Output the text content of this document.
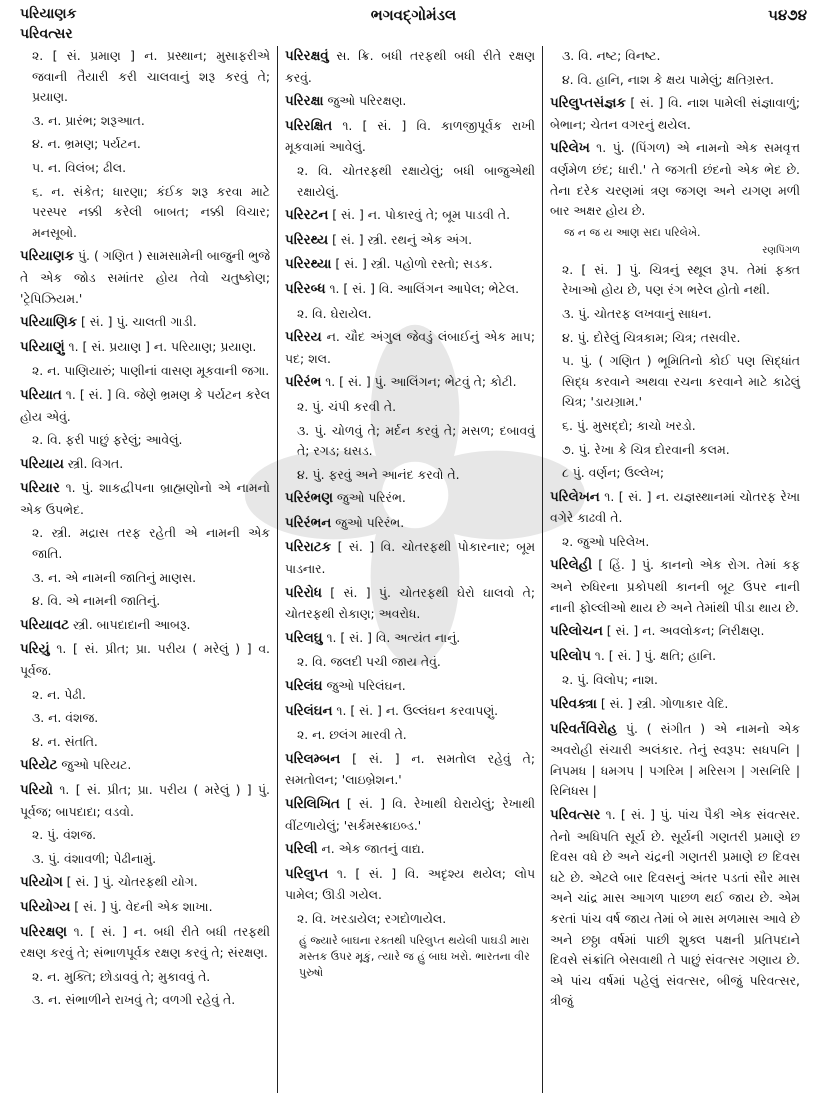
પરિયાણક
પરિવત્સર
ભગવદ્ગોમંડલ	૫૪૭૪
૨. [ સં. પ્રમાણ ] ન. પ્રસ્થાન; મુસાફરીએ જવાની તૈયારી કરી ચાલવાનું શરૂ કરવું તે; પ્રયાણ.
૩. ન. પ્રારંભ; શરૂઆત.
૪. ન. ભ્રમણ; પર્યટન.
૫. ન. વિલંબ; ઢીલ.
૬. ન. સંકેત; ધારણા; કંઈક શરૂ કરવા માટે પરસ્પર નક્કી કરેલી બાબત; નક્કી વિચાર; મનસૂબો.
પરિયાણક પું. ( ગણિત ) સામસામેની બાજુની ભુજે તે એક જોડ સમાંતર હોય તેવો ચતુષ્કોણ; 'ટ્રેપિઝિયમ.'
પરિયાણિક [ સં. ] પું. ચાલતી ગાડી.
પરિયાણું ૧. [ સં. પ્રયાણ ] ન. પરિયાણ; પ્રયાણ.
૨. ન. પાણિયારું; પાણીનાં વાસણ મૂકવાની જગા.
પરિયાત ૧. [ સં. ] વિ. જેણે ભ્રમણ કે પર્યટન કરેલ હોય એવું.
૨. વિ. ફરી પાછું ફરેલું; આવેલું.
પરિયાય સ્ત્રી. વિગત.
પરિયાર ૧. પું. શાકદ્વીપના બ્રાહ્મણોનો એ નામનો એક ઉપભેદ.
૨. સ્ત્રી. મદ્રાસ તરફ રહેતી એ નામની એક જાતિ.
૩. ન. એ નામની જાતિનું માણસ.
૪. વિ. એ નામની જાતિનું.
પરિયાવટ સ્ત્રી. બાપદાદાની આબરૂ.
પરિયું ૧. [ સં. પ્રીત; પ્રા. પરીય ( મરેલું ) ] વ. પૂર્વજ.
૨. ન. પેઢી.
૩. ન. વંશજ.
૪. ન. સંતતિ.
પરિયેટ જુઓ પરિયટ.
પરિયો ૧. [ સં. પ્રીત; પ્રા. પરીય ( મરેલું ) ] પું. પૂર્વજ; બાપદાદા; વડવો.
૨. પું. વંશજ.
૩. પું. વંશાવળી; પેઢીનામું.
પરિયોગ [ સં. ] પું. ચોતરફથી યોગ.
પરિયોગ્ય [ સં. ] પું. વેદની એક શાખા.
પરિરક્ષણ ૧. [ સં. ] ન. બધી રીતે બધી તરફથી રક્ષણ કરવું તે; સંભાળપૂર્વક રક્ષણ કરવું તે; સંરક્ષણ.
૨. ન. મુક્તિ; છોડાવવું તે; મુકાવવું તે.
૩. ન. સંભાળીને રાખવું તે; વળગી રહેવું તે.
પરિરક્ષવું સ. ક્રિ. બધી તરફથી બધી રીતે રક્ષણ કરવું.
પરિરક્ષા જુઓ પરિરક્ષણ.
પરિરક્ષિત ૧. [ સં. ] વિ. કાળજીપૂર્વક રાખી મૂકવામાં આવેલું.
૨. વિ. ચોતરફથી રક્ષાયેલું; બધી બાજુએથી રક્ષાયેલું.
પરિરટન [ સં. ] ન. પોકારવું તે; બૂમ પાડવી તે.
પરિરથ્ય [ સં. ] સ્ત્રી. રથનું એક અંગ.
પરિરથ્યા [ સં. ] સ્ત્રી. પહોળો રસ્તો; સડક.
પરિરબ્ધ ૧. [ સં. ] વિ. આલિંગન આપેલ; ભેટેલ.
૨. વિ. ઘેરાયેલ.
પરિરય ન. ચૌદ અંગુલ જેવડું લંબાઈનું એક માપ; પદ; શલ.
પરિરંભ ૧. [ સં. ] પું. આલિંગન; ભેટવું તે; કોટી.
૨. પું. ચંપી કરવી તે.
૩. પું. ચોળવું તે; મર્દન કરવું તે; મસળ; દબાવવું તે; રગડ; ઘસડ.
૪. પું. ફરવું અને આનંદ કરવો તે.
પરિરંભણ જુઓ પરિરંભ.
પરિરંભન જુઓ પરિરંભ.
પરિરાટક [ સં. ] વિ. ચોતરફથી પોકારનાર; બૂમ પાડનાર.
પરિરોધ [ સં. ] પું. ચોતરફથી ઘેરો ઘાલવો તે; ચોતરફથી રોકાણ; અવરોધ.
પરિલઘુ ૧. [ સં. ] વિ. અત્યંત નાનું.
૨. વિ. જલદી પચી જાય તેવું.
પરિલંઘ જુઓ પરિલંઘન.
પરિલંઘન ૧. [ સં. ] ન. ઉલ્લંઘન કરવાપણું.
૨. ન. છલંગ મારવી તે.
પરિલમ્બન [ સં. ] ન. સમતોલ રહેવું તે; સમતોલન; 'લાઇબ્રેશન.'
પરિલિખિત [ સં. ] વિ. રેખાથી ઘેરાયેલું; રેખાથી વીંટળાયેલું; 'સર્કમસ્ક્રાઇબ્ડ.'
પરિલી ન. એક જાતનું વાદ્ય.
પરિલુપ્ત ૧. [ સં. ] વિ. અદૃશ્ય થયેલ; લોપ પામેલ; ઊડી ગયેલ.
૨. વિ. ખરડાયેલ; રગદોળાયેલ.
હું જ્યારે બાઘના રક્તથી પરિલુપ્ત થયેલી પાઘડી મારા મસ્તક ઉપર મૂકું, ત્યારે જ હું બાઘ ખરો. ભારતના વીર પુરુષો
૩. વિ. નષ્ટ; વિનષ્ટ.
૪. વિ. હાનિ, નાશ કે ક્ષય પામેલું; ક્ષતિગ્રસ્ત.
પરિલુપ્તસંજ્ઞક [ સં. ] વિ. નાશ પામેલી સંજ્ઞાવાળું; બેભાન; ચેતન વગરનું થયેલ.
પરિલેખ ૧. પું. (પિંગળ) એ નામનો એક સમવૃત્ત વર્ણમેળ છંદ; ધારી.' તે જગતી છંદનો એક ભેદ છે. તેના દરેક ચરણમાં ત્રણ જગણ અને યગણ મળી બાર અક્ષર હોય છે.
જ ન જ ય આણ સદા પરિલેખે.
રણપિંગળ
૨. [ સં. ] પું. ચિત્રનું સ્થૂલ રૂપ. તેમાં ફક્ત રેખાઓ હોય છે, પણ રંગ ભરેલ હોતો નથી.
૩. પું. ચોતરફ લખવાનું સાધન.
૪. પું. દોરેલું ચિત્રકામ; ચિત્ર; તસવીર.
૫. પું. ( ગણિત ) ભૂમિતિનો કોઈ પણ સિદ્ધાંત સિદ્ધ કરવાને અથવા રચના કરવાને માટે કાઢેલું ચિત્ર; 'ડાયગ્રામ.'
૬. પું. મુસદ્દો; કાચો ખરડો.
૭. પું. રેખા કે ચિત્ર દોરવાની કલમ.
૮ પું. વર્ણન; ઉલ્લેખ;
પરિલેખન ૧. [ સં. ] ન. યજ્ઞસ્થાનમાં ચોતરફ રેખા વગેરે કાઢવી તે.
૨. જુઓ પરિલેખ.
પરિલેહી [ હિં. ] પું. કાનનો એક રોગ. તેમાં કફ અને રુધિરના પ્રકોપથી કાનની બૂટ ઉપર નાની નાની ફોલ્લીઓ થાય છે અને તેમાંથી પીડા થાય છે.
પરિલોચન [ સં. ] ન. અવલોકન; નિરીક્ષણ.
પરિલોપ ૧. [ સં. ] પું. ક્ષતિ; હાનિ.
૨. પું. વિલોપ; નાશ.
પરિવક્ત્રા [ સં. ] સ્ત્રી. ગોળાકાર વેદિ.
પરિવર્તવિરોહ પું. ( સંગીત ) એ નામનો એક અવરોહી સંચારી અલંકાર. તેનું સ્વરૂપ: સધપનિ | નિપમધ | ધમગપ | પગરિમ | મરિસગ | ગસનિરિ | રિનિધસ |
પરિવત્સર ૧. [ સં. ] પું. પાંચ પૈકી એક સંવત્સર. તેનો અધિપતિ સૂર્ય છે. સૂર્યની ગણતરી પ્રમાણે છ દિવસ વધે છે અને ચંદ્રની ગણતરી પ્રમાણે છ દિવસ ઘટે છે. એટલે બાર દિવસનું અંતર પડતાં સૌર માસ અને ચાંદ્ર માસ આગળ પાછળ થઈ જાય છે. એમ કરતાં પાંચ વર્ષ જાય તેમાં બે માસ મળમાસ આવે છે અને છઠ્ઠા વર્ષમાં પાછી શુક્લ પક્ષની પ્રતિપદાને દિવસે સંક્રાંતિ બેસવાથી તે પાછું સંવત્સર ગણાય છે. એ પાંચ વર્ષમાં પહેલું સંવત્સર, બીજું પરિવત્સર, ત્રીજું
